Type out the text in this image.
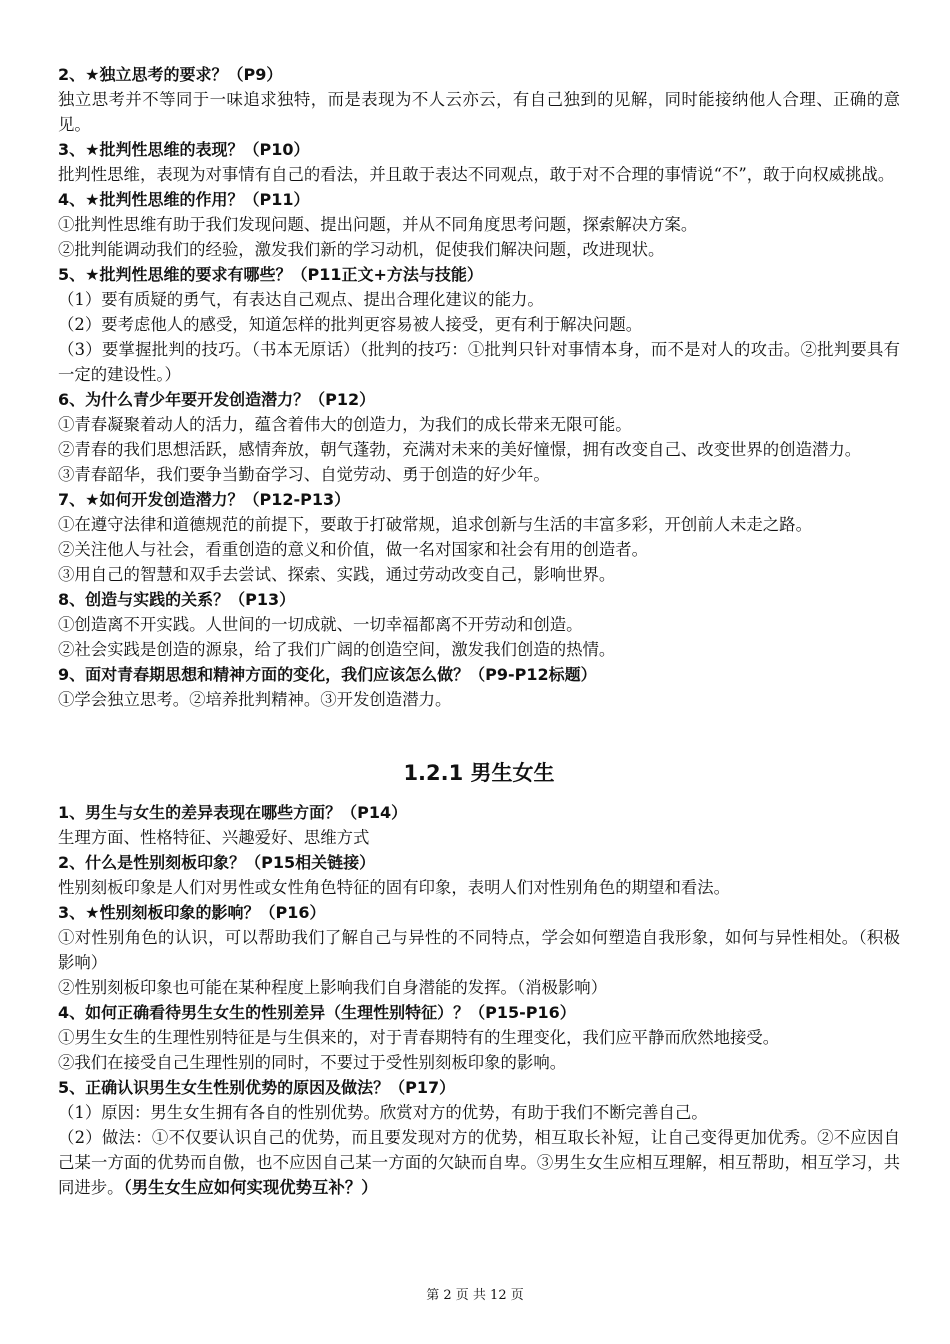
2、★独立思考的要求？（P9）
独立思考并不等同于一味追求独特，而是表现为不人云亦云，有自己独到的见解，同时能接纳他人合理、正确的意见。
3、★批判性思维的表现？（P10）
批判性思维，表现为对事情有自己的看法，并且敢于表达不同观点，敢于对不合理的事情说“不”，敢于向权威挑战。
4、★批判性思维的作用？（P11）
①批判性思维有助于我们发现问题、提出问题，并从不同角度思考问题，探索解决方案。
②批判能调动我们的经验，激发我们新的学习动机，促使我们解决问题，改进现状。
5、★批判性思维的要求有哪些？（P11正文+方法与技能）
（1）要有质疑的勇气，有表达自己观点、提出合理化建议的能力。
（2）要考虑他人的感受，知道怎样的批判更容易被人接受，更有利于解决问题。
（3）要掌握批判的技巧。（书本无原话）（批判的技巧：①批判只针对事情本身，而不是对人的攻击。②批判要具有一定的建设性。）
6、为什么青少年要开发创造潜力？（P12）
①青春凝聚着动人的活力，蕴含着伟大的创造力，为我们的成长带来无限可能。
②青春的我们思想活跃，感情奔放，朝气蓬勃，充满对未来的美好憧憬，拥有改变自己、改变世界的创造潜力。
③青春韶华，我们要争当勤奋学习、自觉劳动、勇于创造的好少年。
7、★如何开发创造潜力？（P12-P13）
①在遵守法律和道德规范的前提下，要敢于打破常规，追求创新与生活的丰富多彩，开创前人未走之路。
②关注他人与社会，看重创造的意义和价值，做一名对国家和社会有用的创造者。
③用自己的智慧和双手去尝试、探索、实践，通过劳动改变自己，影响世界。
8、创造与实践的关系？（P13）
①创造离不开实践。人世间的一切成就、一切幸福都离不开劳动和创造。
②社会实践是创造的源泉，给了我们广阔的创造空间，激发我们创造的热情。
9、面对青春期思想和精神方面的变化，我们应该怎么做？（P9-P12标题）
①学会独立思考。②培养批判精神。③开发创造潜力。
1.2.1 男生女生
1、男生与女生的差异表现在哪些方面？（P14）
生理方面、性格特征、兴趣爱好、思维方式
2、什么是性别刻板印象？（P15相关链接）
性别刻板印象是人们对男性或女性角色特征的固有印象，表明人们对性别角色的期望和看法。
3、★性别刻板印象的影响？（P16）
①对性别角色的认识，可以帮助我们了解自己与异性的不同特点，学会如何塑造自我形象，如何与异性相处。（积极影响）
②性别刻板印象也可能在某种程度上影响我们自身潜能的发挥。（消极影响）
4、如何正确看待男生女生的性别差异（生理性别特征）？（P15-P16）
①男生女生的生理性别特征是与生俱来的，对于青春期特有的生理变化，我们应平静而欣然地接受。
②我们在接受自己生理性别的同时，不要过于受性别刻板印象的影响。
5、正确认识男生女生性别优势的原因及做法？（P17）
（1）原因：男生女生拥有各自的性别优势。欣赏对方的优势，有助于我们不断完善自己。
（2）做法：①不仅要认识自己的优势，而且要发现对方的优势，相互取长补短，让自己变得更加优秀。②不应因自己某一方面的优势而自傲，也不应因自己某一方面的欠缺而自卑。③男生女生应相互理解，相互帮助，相互学习，共同进步。（男生女生应如何实现优势互补？）
第 2 页 共 12 页
